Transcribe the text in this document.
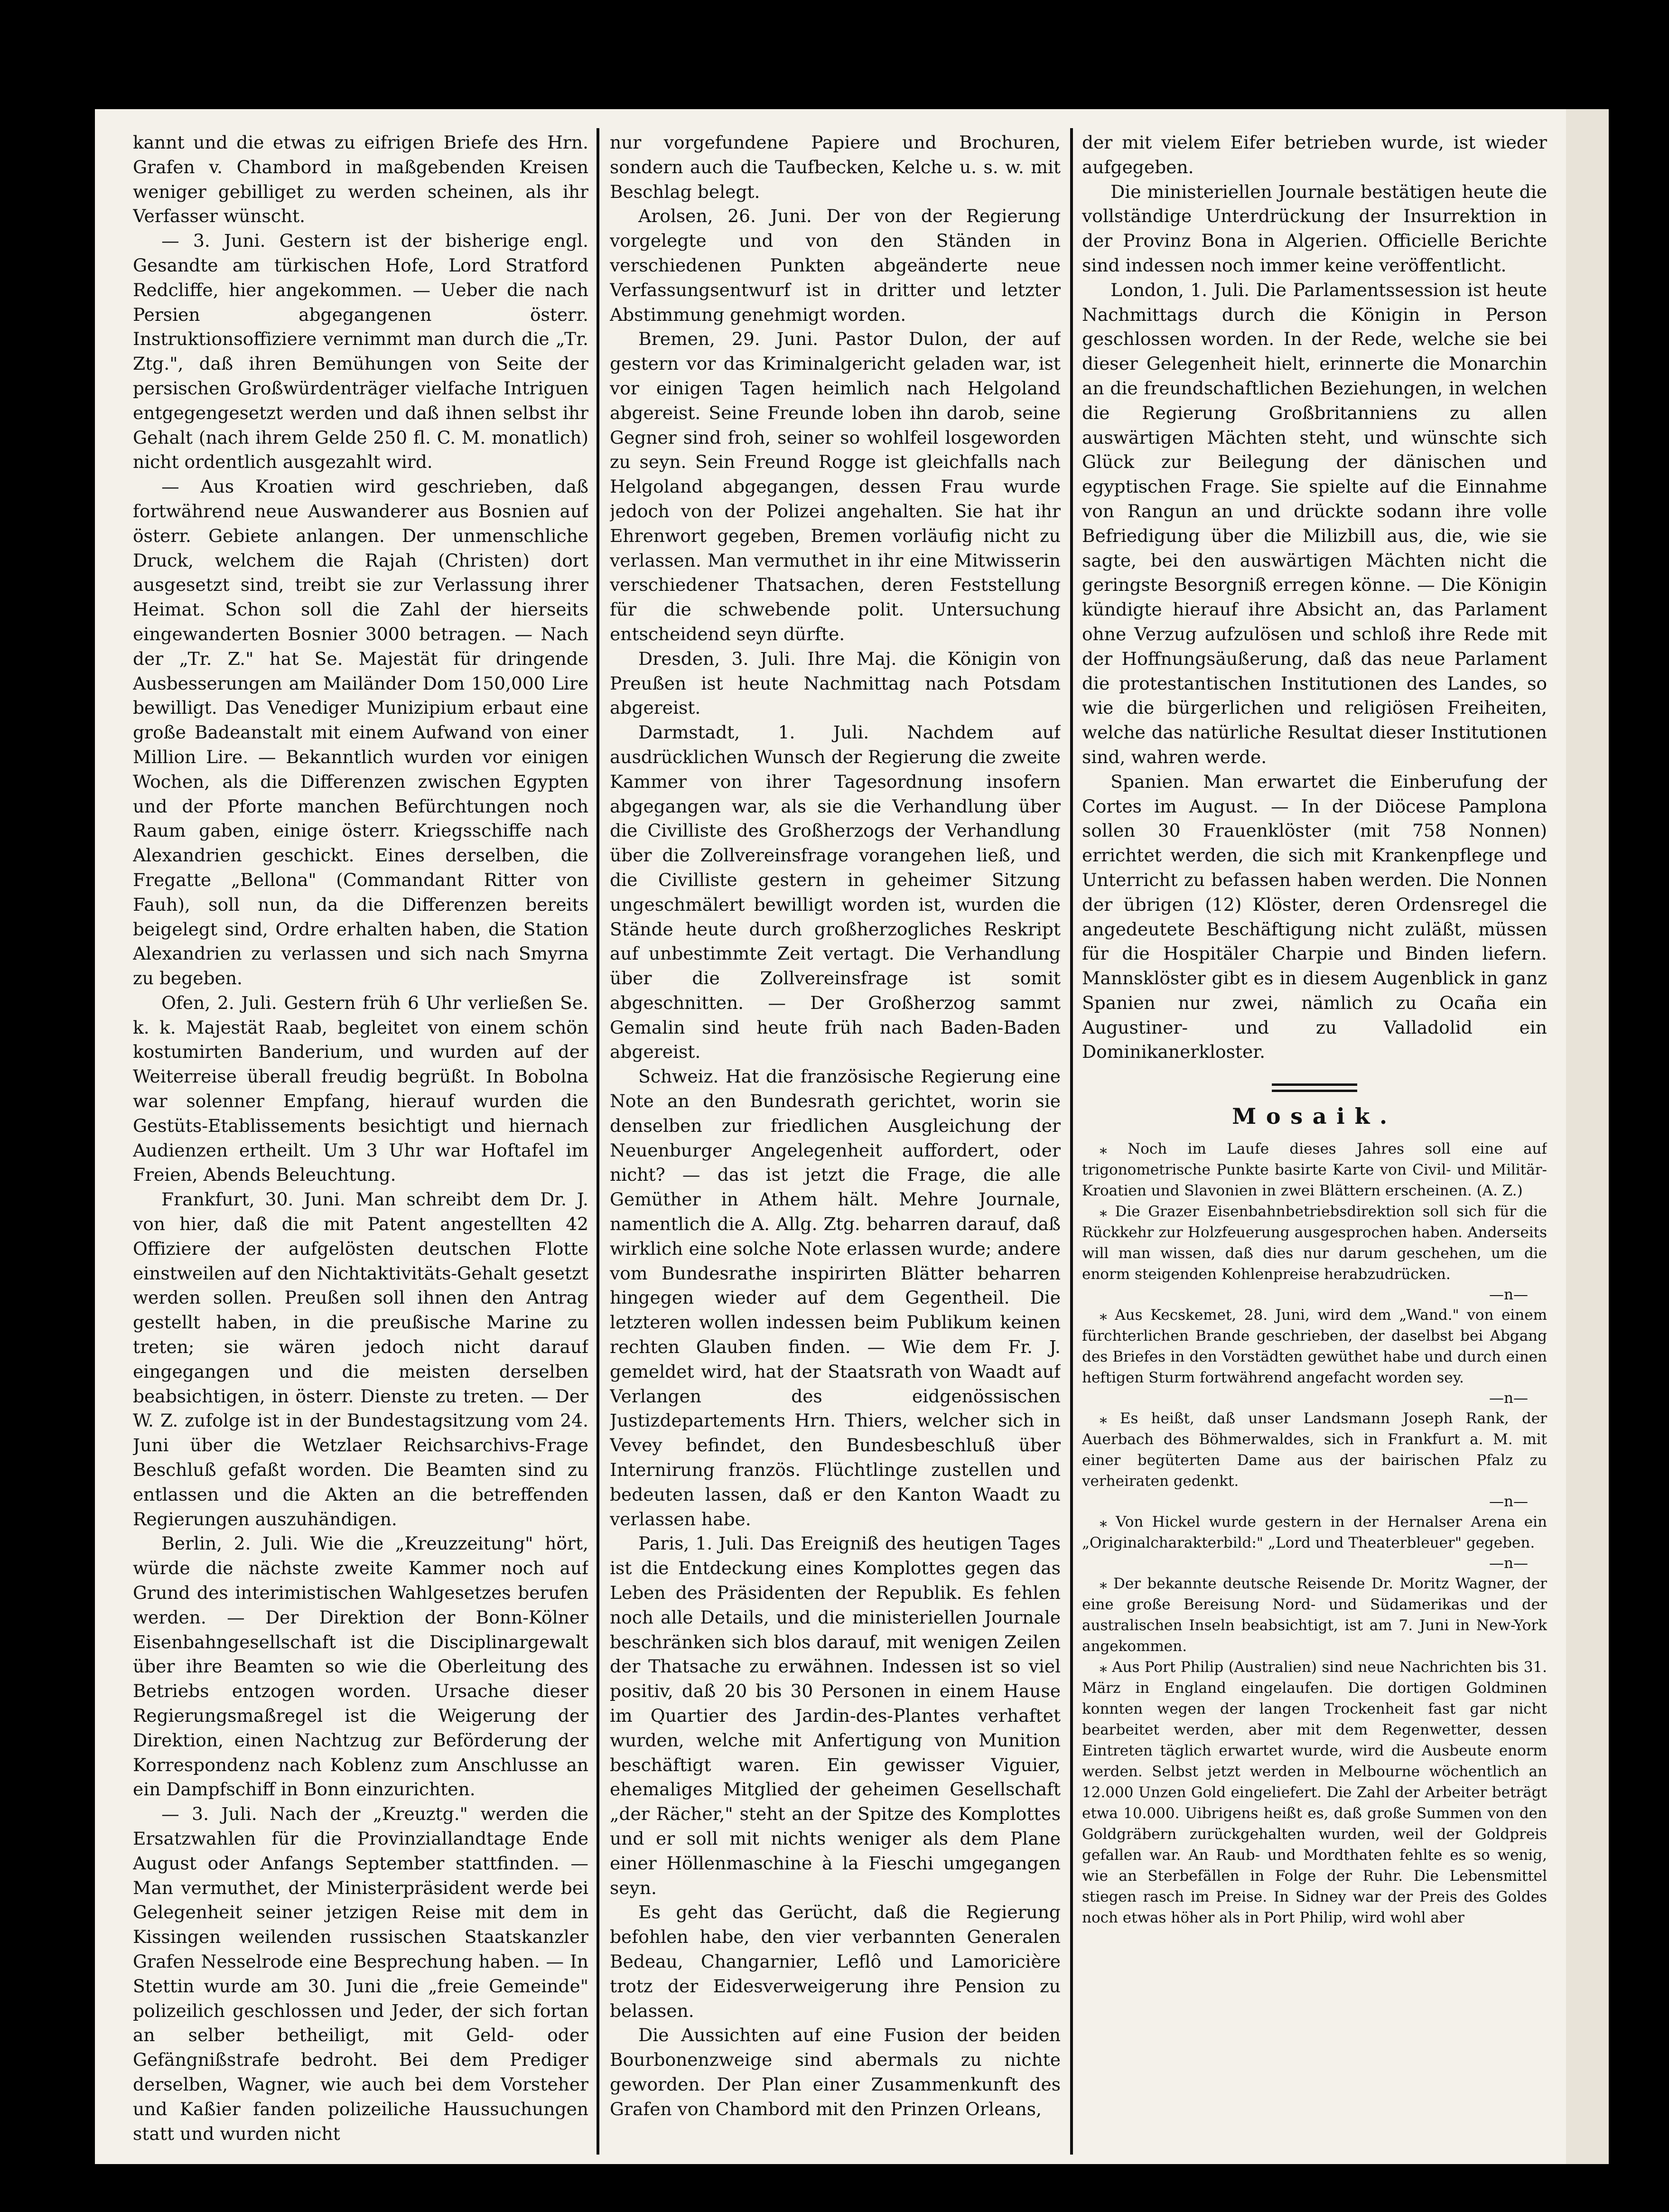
kannt und die etwas zu eifrigen Briefe des Hrn. Grafen v. Chambord in maßgebenden Kreisen weniger gebilliget zu werden scheinen, als ihr Verfasser wünscht.

— 3. Juni. Gestern ist der bisherige engl. Gesandte am türkischen Hofe, Lord Stratford Redcliffe, hier angekommen. — Ueber die nach Persien abgegangenen österr. Instruktionsoffiziere vernimmt man durch die „Tr. Ztg.", daß ihren Bemühungen von Seite der persischen Großwürdenträger vielfache Intriguen entgegengesetzt werden und daß ihnen selbst ihr Gehalt (nach ihrem Gelde 250 fl. C. M. monatlich) nicht ordentlich ausgezahlt wird.

— Aus Kroatien wird geschrieben, daß fortwährend neue Auswanderer aus Bosnien auf österr. Gebiete anlangen. Der unmenschliche Druck, welchem die Rajah (Christen) dort ausgesetzt sind, treibt sie zur Verlassung ihrer Heimat. Schon soll die Zahl der hierseits eingewanderten Bosnier 3000 betragen. — Nach der „Tr. Z." hat Se. Majestät für dringende Ausbesserungen am Mailänder Dom 150,000 Lire bewilligt. Das Venediger Munizipium erbaut eine große Badeanstalt mit einem Aufwand von einer Million Lire. — Bekanntlich wurden vor einigen Wochen, als die Differenzen zwischen Egypten und der Pforte manchen Befürchtungen noch Raum gaben, einige österr. Kriegsschiffe nach Alexandrien geschickt. Eines derselben, die Fregatte „Bellona" (Commandant Ritter von Fauh), soll nun, da die Differenzen bereits beigelegt sind, Ordre erhalten haben, die Station Alexandrien zu verlassen und sich nach Smyrna zu begeben.

Ofen, 2. Juli. Gestern früh 6 Uhr verließen Se. k. k. Majestät Raab, begleitet von einem schön kostumirten Banderium, und wurden auf der Weiterreise überall freudig begrüßt. In Bobolna war solenner Empfang, hierauf wurden die Gestüts-Etablissements besichtigt und hiernach Audienzen ertheilt. Um 3 Uhr war Hoftafel im Freien, Abends Beleuchtung.

Frankfurt, 30. Juni. Man schreibt dem Dr. J. von hier, daß die mit Patent angestellten 42 Offiziere der aufgelösten deutschen Flotte einstweilen auf den Nichtaktivitäts-Gehalt gesetzt werden sollen. Preußen soll ihnen den Antrag gestellt haben, in die preußische Marine zu treten; sie wären jedoch nicht darauf eingegangen und die meisten derselben beabsichtigen, in österr. Dienste zu treten. — Der W. Z. zufolge ist in der Bundestagsitzung vom 24. Juni über die Wetzlaer Reichsarchivs-Frage Beschluß gefaßt worden. Die Beamten sind zu entlassen und die Akten an die betreffenden Regierungen auszuhändigen.

Berlin, 2. Juli. Wie die „Kreuzzeitung" hört, würde die nächste zweite Kammer noch auf Grund des interimistischen Wahlgesetzes berufen werden. — Der Direktion der Bonn-Kölner Eisenbahngesellschaft ist die Disciplinargewalt über ihre Beamten so wie die Oberleitung des Betriebs entzogen worden. Ursache dieser Regierungsmaßregel ist die Weigerung der Direktion, einen Nachtzug zur Beförderung der Korrespondenz nach Koblenz zum Anschlusse an ein Dampfschiff in Bonn einzurichten.

— 3. Juli. Nach der „Kreuztg." werden die Ersatzwahlen für die Provinziallandtage Ende August oder Anfangs September stattfinden. — Man vermuthet, der Ministerpräsident werde bei Gelegenheit seiner jetzigen Reise mit dem in Kissingen weilenden russischen Staatskanzler Grafen Nesselrode eine Besprechung haben. — In Stettin wurde am 30. Juni die „freie Gemeinde" polizeilich geschlossen und Jeder, der sich fortan an selber betheiligt, mit Geld- oder Gefängnißstrafe bedroht. Bei dem Prediger derselben, Wagner, wie auch bei dem Vorsteher und Kaßier fanden polizeiliche Haussuchungen statt und wurden nicht

nur vorgefundene Papiere und Brochuren, sondern auch die Taufbecken, Kelche u. s. w. mit Beschlag belegt.

Arolsen, 26. Juni. Der von der Regierung vorgelegte und von den Ständen in verschiedenen Punkten abgeänderte neue Verfassungsentwurf ist in dritter und letzter Abstimmung genehmigt worden.

Bremen, 29. Juni. Pastor Dulon, der auf gestern vor das Kriminalgericht geladen war, ist vor einigen Tagen heimlich nach Helgoland abgereist. Seine Freunde loben ihn darob, seine Gegner sind froh, seiner so wohlfeil losgeworden zu seyn. Sein Freund Rogge ist gleichfalls nach Helgoland abgegangen, dessen Frau wurde jedoch von der Polizei angehalten. Sie hat ihr Ehrenwort gegeben, Bremen vorläufig nicht zu verlassen. Man vermuthet in ihr eine Mitwisserin verschiedener Thatsachen, deren Feststellung für die schwebende polit. Untersuchung entscheidend seyn dürfte.

Dresden, 3. Juli. Ihre Maj. die Königin von Preußen ist heute Nachmittag nach Potsdam abgereist.

Darmstadt, 1. Juli. Nachdem auf ausdrücklichen Wunsch der Regierung die zweite Kammer von ihrer Tagesordnung insofern abgegangen war, als sie die Verhandlung über die Civilliste des Großherzogs der Verhandlung über die Zollvereinsfrage vorangehen ließ, und die Civilliste gestern in geheimer Sitzung ungeschmälert bewilligt worden ist, wurden die Stände heute durch großherzogliches Reskript auf unbestimmte Zeit vertagt. Die Verhandlung über die Zollvereinsfrage ist somit abgeschnitten. — Der Großherzog sammt Gemalin sind heute früh nach Baden-Baden abgereist.

Schweiz. Hat die französische Regierung eine Note an den Bundesrath gerichtet, worin sie denselben zur friedlichen Ausgleichung der Neuenburger Angelegenheit auffordert, oder nicht? — das ist jetzt die Frage, die alle Gemüther in Athem hält. Mehre Journale, namentlich die A. Allg. Ztg. beharren darauf, daß wirklich eine solche Note erlassen wurde; andere vom Bundesrathe inspirirten Blätter beharren hingegen wieder auf dem Gegentheil. Die letzteren wollen indessen beim Publikum keinen rechten Glauben finden. — Wie dem Fr. J. gemeldet wird, hat der Staatsrath von Waadt auf Verlangen des eidgenössischen Justizdepartements Hrn. Thiers, welcher sich in Vevey befindet, den Bundesbeschluß über Internirung französ. Flüchtlinge zustellen und bedeuten lassen, daß er den Kanton Waadt zu verlassen habe.

Paris, 1. Juli. Das Ereigniß des heutigen Tages ist die Entdeckung eines Komplottes gegen das Leben des Präsidenten der Republik. Es fehlen noch alle Details, und die ministeriellen Journale beschränken sich blos darauf, mit wenigen Zeilen der Thatsache zu erwähnen. Indessen ist so viel positiv, daß 20 bis 30 Personen in einem Hause im Quartier des Jardin-des-Plantes verhaftet wurden, welche mit Anfertigung von Munition beschäftigt waren. Ein gewisser Viguier, ehemaliges Mitglied der geheimen Gesellschaft „der Rächer," steht an der Spitze des Komplottes und er soll mit nichts weniger als dem Plane einer Höllenmaschine à la Fieschi umgegangen seyn.

Es geht das Gerücht, daß die Regierung befohlen habe, den vier verbannten Generalen Bedeau, Changarnier, Leflô und Lamoricière trotz der Eidesverweigerung ihre Pension zu belassen.

Die Aussichten auf eine Fusion der beiden Bourbonenzweige sind abermals zu nichte geworden. Der Plan einer Zusammenkunft des Grafen von Chambord mit den Prinzen Orleans,

der mit vielem Eifer betrieben wurde, ist wieder aufgegeben.

Die ministeriellen Journale bestätigen heute die vollständige Unterdrückung der Insurrektion in der Provinz Bona in Algerien. Officielle Berichte sind indessen noch immer keine veröffentlicht.

London, 1. Juli. Die Parlamentssession ist heute Nachmittags durch die Königin in Person geschlossen worden. In der Rede, welche sie bei dieser Gelegenheit hielt, erinnerte die Monarchin an die freundschaftlichen Beziehungen, in welchen die Regierung Großbritanniens zu allen auswärtigen Mächten steht, und wünschte sich Glück zur Beilegung der dänischen und egyptischen Frage. Sie spielte auf die Einnahme von Rangun an und drückte sodann ihre volle Befriedigung über die Milizbill aus, die, wie sie sagte, bei den auswärtigen Mächten nicht die geringste Besorgniß erregen könne. — Die Königin kündigte hierauf ihre Absicht an, das Parlament ohne Verzug aufzulösen und schloß ihre Rede mit der Hoffnungsäußerung, daß das neue Parlament die protestantischen Institutionen des Landes, so wie die bürgerlichen und religiösen Freiheiten, welche das natürliche Resultat dieser Institutionen sind, wahren werde.

Spanien. Man erwartet die Einberufung der Cortes im August. — In der Diöcese Pamplona sollen 30 Frauenklöster (mit 758 Nonnen) errichtet werden, die sich mit Krankenpflege und Unterricht zu befassen haben werden. Die Nonnen der übrigen (12) Klöster, deren Ordensregel die angedeutete Beschäftigung nicht zuläßt, müssen für die Hospitäler Charpie und Binden liefern. Mannsklöster gibt es in diesem Augenblick in ganz Spanien nur zwei, nämlich zu Ocaña ein Augustiner- und zu Valladolid ein Dominikanerkloster.

Mosaik.

⁎ Noch im Laufe dieses Jahres soll eine auf trigonometrische Punkte basirte Karte von Civil- und Militär-Kroatien und Slavonien in zwei Blättern erscheinen. (A. Z.)

⁎ Die Grazer Eisenbahnbetriebsdirektion soll sich für die Rückkehr zur Holzfeuerung ausgesprochen haben. Anderseits will man wissen, daß dies nur darum geschehen, um die enorm steigenden Kohlenpreise herabzudrücken.

—n—

⁎ Aus Kecskemet, 28. Juni, wird dem „Wand." von einem fürchterlichen Brande geschrieben, der daselbst bei Abgang des Briefes in den Vorstädten gewüthet habe und durch einen heftigen Sturm fortwährend angefacht worden sey.

—n—

⁎ Es heißt, daß unser Landsmann Joseph Rank, der Auerbach des Böhmerwaldes, sich in Frankfurt a. M. mit einer begüterten Dame aus der bairischen Pfalz zu verheiraten gedenkt.

—n—

⁎ Von Hickel wurde gestern in der Hernalser Arena ein „Originalcharakterbild:" „Lord und Theaterbleuer" gegeben.

—n—

⁎ Der bekannte deutsche Reisende Dr. Moritz Wagner, der eine große Bereisung Nord- und Südamerikas und der australischen Inseln beabsichtigt, ist am 7. Juni in New-York angekommen.

⁎ Aus Port Philip (Australien) sind neue Nachrichten bis 31. März in England eingelaufen. Die dortigen Goldminen konnten wegen der langen Trockenheit fast gar nicht bearbeitet werden, aber mit dem Regenwetter, dessen Eintreten täglich erwartet wurde, wird die Ausbeute enorm werden. Selbst jetzt werden in Melbourne wöchentlich an 12.000 Unzen Gold eingeliefert. Die Zahl der Arbeiter beträgt etwa 10.000. Uibrigens heißt es, daß große Summen von den Goldgräbern zurückgehalten wurden, weil der Goldpreis gefallen war. An Raub- und Mordthaten fehlte es so wenig, wie an Sterbefällen in Folge der Ruhr. Die Lebensmittel stiegen rasch im Preise. In Sidney war der Preis des Goldes noch etwas höher als in Port Philip, wird wohl aber
